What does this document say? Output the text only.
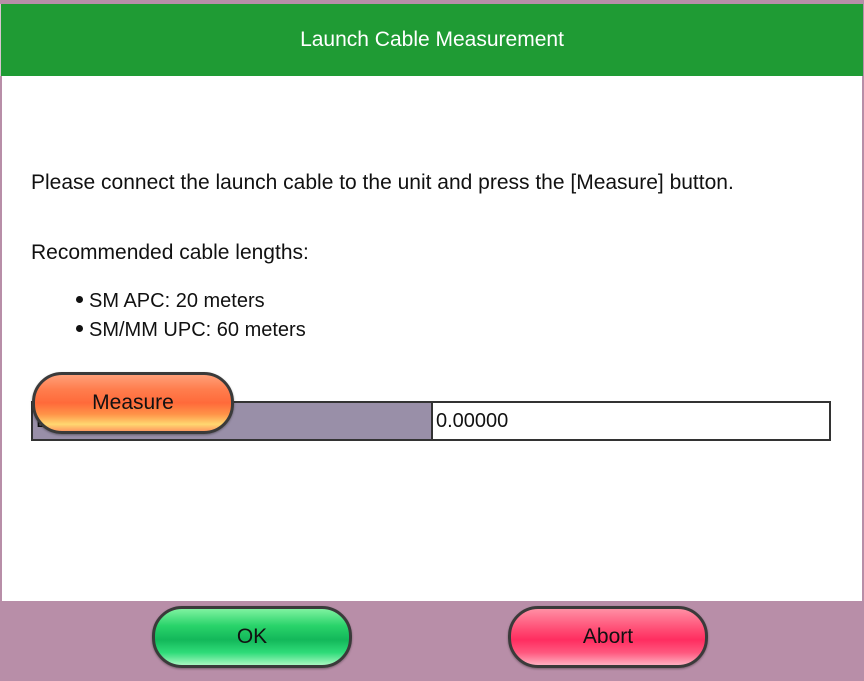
Launch Cable Measurement
Please connect the launch cable to the unit and press the [Measure] button.
Recommended cable lengths:
SM APC: 20 meters
SM/MM UPC: 60 meters
0.00000
Measure
OK	Abort
